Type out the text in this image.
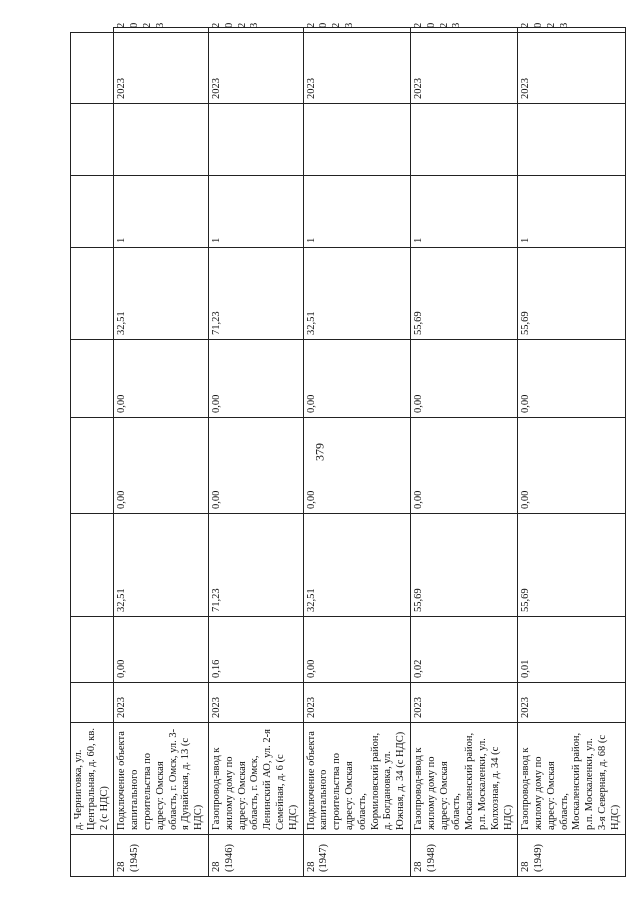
379
	д. Черниговка, ул. Центральная, д. 60, кв. 2 (с НДС)										
28 (1945)	Подключение объекта капитального строительства по адресу: Омская область, г. Омск, ул. 3-я Дунайская, д. 13 (с НДС)	2023	0,00	32,51	0,00	0,00	32,51	1		2023	2023
28 (1946)	Газопровод-ввод к жилому дому по адресу: Омская область, г. Омск, Ленинский АО, ул. 2-я Семейная, д. 6 (с НДС)	2023	0,16	71,23	0,00	0,00	71,23	1		2023	2023
28 (1947)	Подключение объекта капитального строительства по адресу: Омская область, Кормиловский район, д. Богдановка, ул. Южная, д. 34 (с НДС)	2023	0,00	32,51	0,00	0,00	32,51	1		2023	2023
28 (1948)	Газопровод-ввод к жилому дому по адресу: Омская область, Москаленский район, р.п. Москаленки, ул. Колхозная, д. 34 (с НДС)	2023	0,02	55,69	0,00	0,00	55,69	1		2023	2023
28 (1949)	Газопровод-ввод к жилому дому по адресу: Омская область, Москаленский район, р.п. Москаленки, ул. 3-я Северная, д. 68 (с НДС)	2023	0,01	55,69	0,00	0,00	55,69	1		2023	2023
